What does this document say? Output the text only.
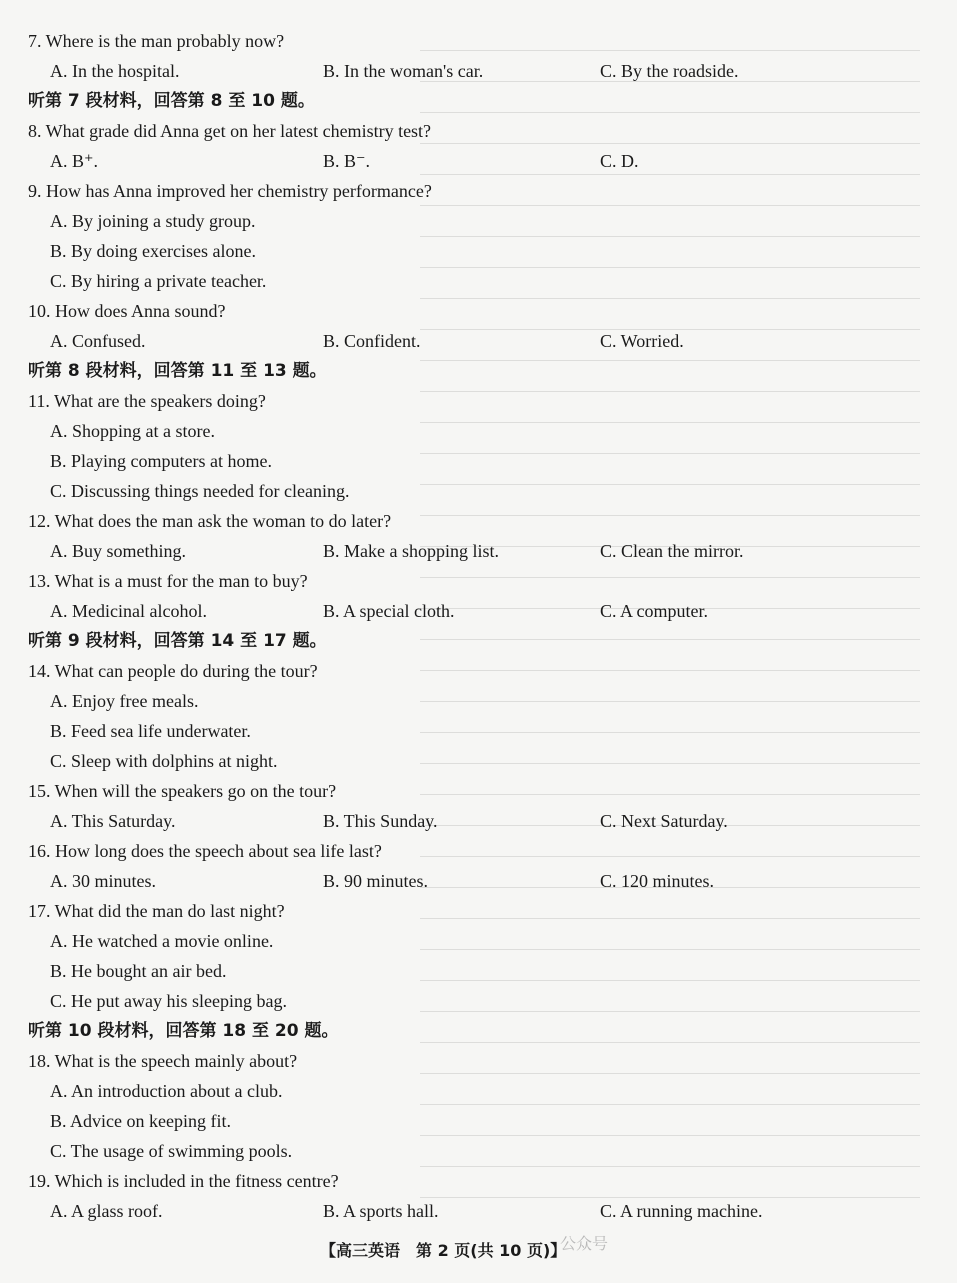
7. Where is the man probably now?
A. In the hospital.	B. In the woman's car.	C. By the roadside.
听第 7 段材料，回答第 8 至 10 题。
8. What grade did Anna get on her latest chemistry test?
A. B⁺.	B. B⁻.	C. D.
9. How has Anna improved her chemistry performance?
A. By joining a study group.
B. By doing exercises alone.
C. By hiring a private teacher.
10. How does Anna sound?
A. Confused.	B. Confident.	C. Worried.
听第 8 段材料，回答第 11 至 13 题。
11. What are the speakers doing?
A. Shopping at a store.
B. Playing computers at home.
C. Discussing things needed for cleaning.
12. What does the man ask the woman to do later?
A. Buy something.	B. Make a shopping list.	C. Clean the mirror.
13. What is a must for the man to buy?
A. Medicinal alcohol.	B. A special cloth.	C. A computer.
听第 9 段材料，回答第 14 至 17 题。
14. What can people do during the tour?
A. Enjoy free meals.
B. Feed sea life underwater.
C. Sleep with dolphins at night.
15. When will the speakers go on the tour?
A. This Saturday.	B. This Sunday.	C. Next Saturday.
16. How long does the speech about sea life last?
A. 30 minutes.	B. 90 minutes.	C. 120 minutes.
17. What did the man do last night?
A. He watched a movie online.
B. He bought an air bed.
C. He put away his sleeping bag.
听第 10 段材料，回答第 18 至 20 题。
18. What is the speech mainly about?
A. An introduction about a club.
B. Advice on keeping fit.
C. The usage of swimming pools.
19. Which is included in the fitness centre?
A. A glass roof.	B. A sports hall.	C. A running machine.
【高三英语　第 2 页(共 10 页)】
公众号
